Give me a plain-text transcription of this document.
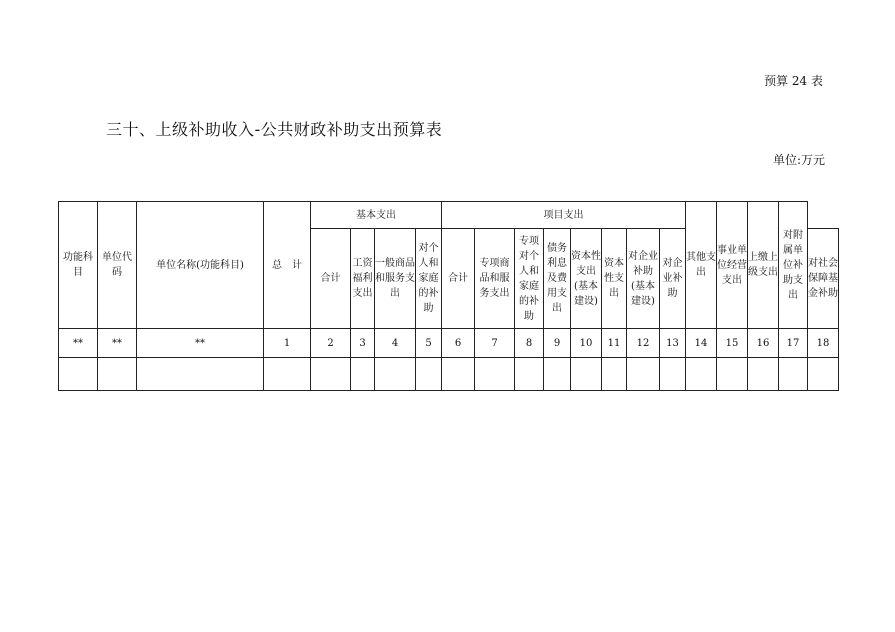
预算 24 表
三十、上级补助收入-公共财政补助支出预算表
单位:万元
功能科目	单位代码	单位名称(功能科目)	总　计	基本支出				项目支出								其他支出	事业单位经营支出	上缴上级支出	对附属单位补助支出	
				合计	工资福利支出	一般商品和服务支出	对个人和家庭的补助	合计	专项商品和服务支出	专项对个人和家庭的补助	债务利息及费用支出	资本性支出(基本建设)	资本性支出	对企业补助(基本建设)	对企业补助					对社会保障基金补助
**	**	**	1	2	3	4	5	6	7	8	9	10	11	12	13	14	15	16	17	18
